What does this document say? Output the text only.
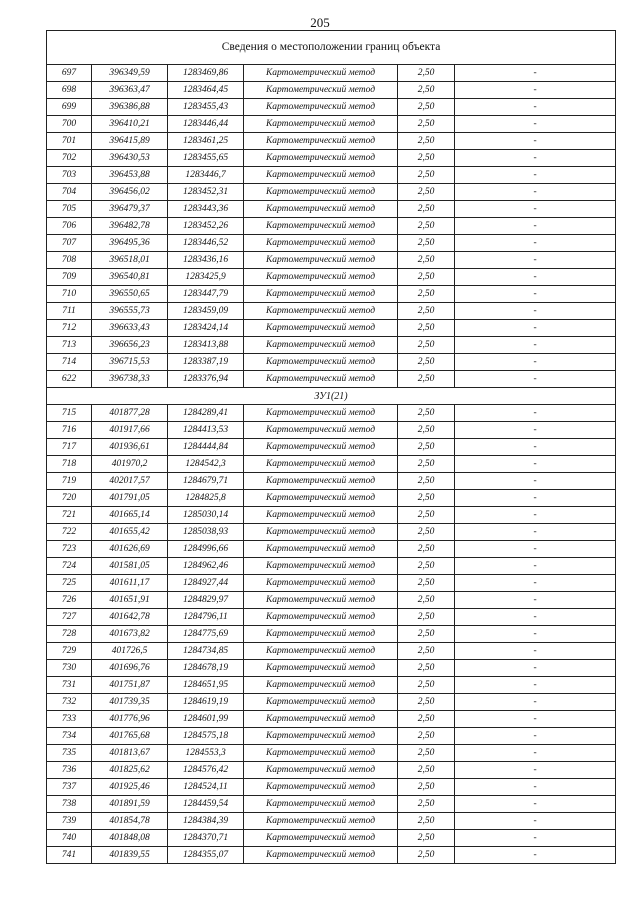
205
Сведения о местоположении границ объекта					
697	396349,59	1283469,86	Картометрический метод	2,50	-
698	396363,47	1283464,45	Картометрический метод	2,50	-
699	396386,88	1283455,43	Картометрический метод	2,50	-
700	396410,21	1283446,44	Картометрический метод	2,50	-
701	396415,89	1283461,25	Картометрический метод	2,50	-
702	396430,53	1283455,65	Картометрический метод	2,50	-
703	396453,88	1283446,7	Картометрический метод	2,50	-
704	396456,02	1283452,31	Картометрический метод	2,50	-
705	396479,37	1283443,36	Картометрический метод	2,50	-
706	396482,78	1283452,26	Картометрический метод	2,50	-
707	396495,36	1283446,52	Картометрический метод	2,50	-
708	396518,01	1283436,16	Картометрический метод	2,50	-
709	396540,81	1283425,9	Картометрический метод	2,50	-
710	396550,65	1283447,79	Картометрический метод	2,50	-
711	396555,73	1283459,09	Картометрический метод	2,50	-
712	396633,43	1283424,14	Картометрический метод	2,50	-
713	396656,23	1283413,88	Картометрический метод	2,50	-
714	396715,53	1283387,19	Картометрический метод	2,50	-
622	396738,33	1283376,94	Картометрический метод	2,50	-
ЗУ1(21)					
715	401877,28	1284289,41	Картометрический метод	2,50	-
716	401917,66	1284413,53	Картометрический метод	2,50	-
717	401936,61	1284444,84	Картометрический метод	2,50	-
718	401970,2	1284542,3	Картометрический метод	2,50	-
719	402017,57	1284679,71	Картометрический метод	2,50	-
720	401791,05	1284825,8	Картометрический метод	2,50	-
721	401665,14	1285030,14	Картометрический метод	2,50	-
722	401655,42	1285038,93	Картометрический метод	2,50	-
723	401626,69	1284996,66	Картометрический метод	2,50	-
724	401581,05	1284962,46	Картометрический метод	2,50	-
725	401611,17	1284927,44	Картометрический метод	2,50	-
726	401651,91	1284829,97	Картометрический метод	2,50	-
727	401642,78	1284796,11	Картометрический метод	2,50	-
728	401673,82	1284775,69	Картометрический метод	2,50	-
729	401726,5	1284734,85	Картометрический метод	2,50	-
730	401696,76	1284678,19	Картометрический метод	2,50	-
731	401751,87	1284651,95	Картометрический метод	2,50	-
732	401739,35	1284619,19	Картометрический метод	2,50	-
733	401776,96	1284601,99	Картометрический метод	2,50	-
734	401765,68	1284575,18	Картометрический метод	2,50	-
735	401813,67	1284553,3	Картометрический метод	2,50	-
736	401825,62	1284576,42	Картометрический метод	2,50	-
737	401925,46	1284524,11	Картометрический метод	2,50	-
738	401891,59	1284459,54	Картометрический метод	2,50	-
739	401854,78	1284384,39	Картометрический метод	2,50	-
740	401848,08	1284370,71	Картометрический метод	2,50	-
741	401839,55	1284355,07	Картометрический метод	2,50	-
